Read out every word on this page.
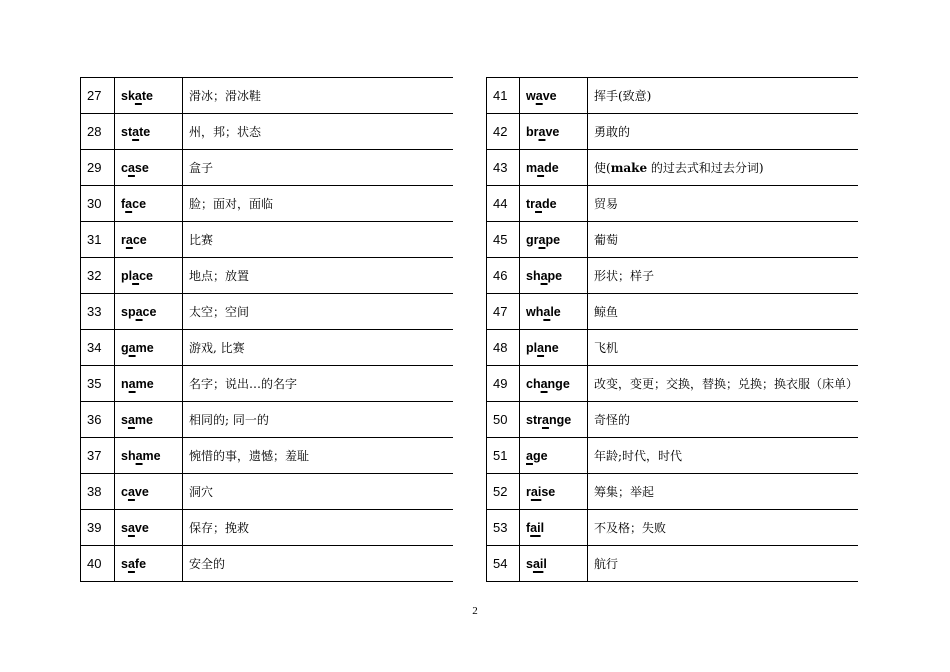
27	skate	滑冰；滑冰鞋
28	state	州，邦；状态
29	case	盒子
30	face	脸；面对，面临
31	race	比赛
32	place	地点；放置
33	space	太空；空间
34	game	游戏, 比赛
35	name	名字；说出…的名字
36	same	相同的; 同一的
37	shame	惋惜的事，遗憾；羞耻
38	cave	洞穴
39	save	保存；挽救
40	safe	安全的
41	wave	挥手(致意)
42	brave	勇敢的
43	made	使(make 的过去式和过去分词)
44	trade	贸易
45	grape	葡萄
46	shape	形状；样子
47	whale	鲸鱼
48	plane	飞机
49	change	改变，变更；交换，替换；兑换；换衣服（床单）
50	strange	奇怪的
51	age	年龄;时代，时代
52	raise	筹集；举起
53	fail	不及格；失败
54	sail	航行
2
